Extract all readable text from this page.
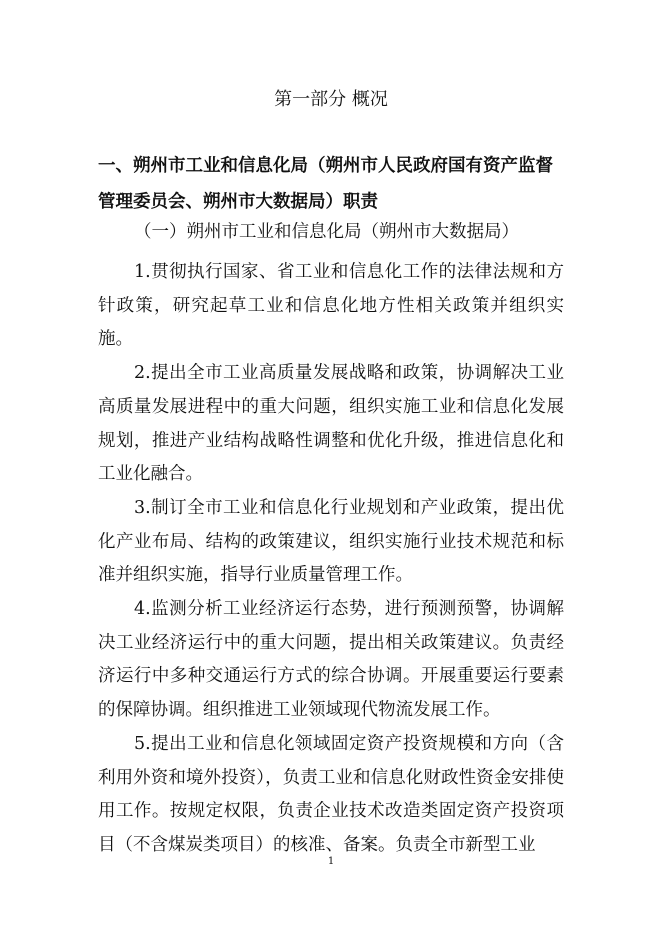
第一部分 概况
一、朔州市工业和信息化局（朔州市人民政府国有资产监督管理委员会、朔州市大数据局）职责
（一）朔州市工业和信息化局（朔州市大数据局）

1.贯彻执行国家、省工业和信息化工作的法律法规和方针政策，研究起草工业和信息化地方性相关政策并组织实施。

2.提出全市工业高质量发展战略和政策，协调解决工业高质量发展进程中的重大问题，组织实施工业和信息化发展规划，推进产业结构战略性调整和优化升级，推进信息化和工业化融合。

3.制订全市工业和信息化行业规划和产业政策，提出优化产业布局、结构的政策建议，组织实施行业技术规范和标准并组织实施，指导行业质量管理工作。

4.监测分析工业经济运行态势，进行预测预警，协调解决工业经济运行中的重大问题，提出相关政策建议。负责经济运行中多种交通运行方式的综合协调。开展重要运行要素的保障协调。组织推进工业领域现代物流发展工作。

5.提出工业和信息化领域固定资产投资规模和方向（含利用外资和境外投资），负责工业和信息化财政性资金安排使用工作。按规定权限，负责企业技术改造类固定资产投资项目（不含煤炭类项目）的核准、备案。负责全市新型工业

1
